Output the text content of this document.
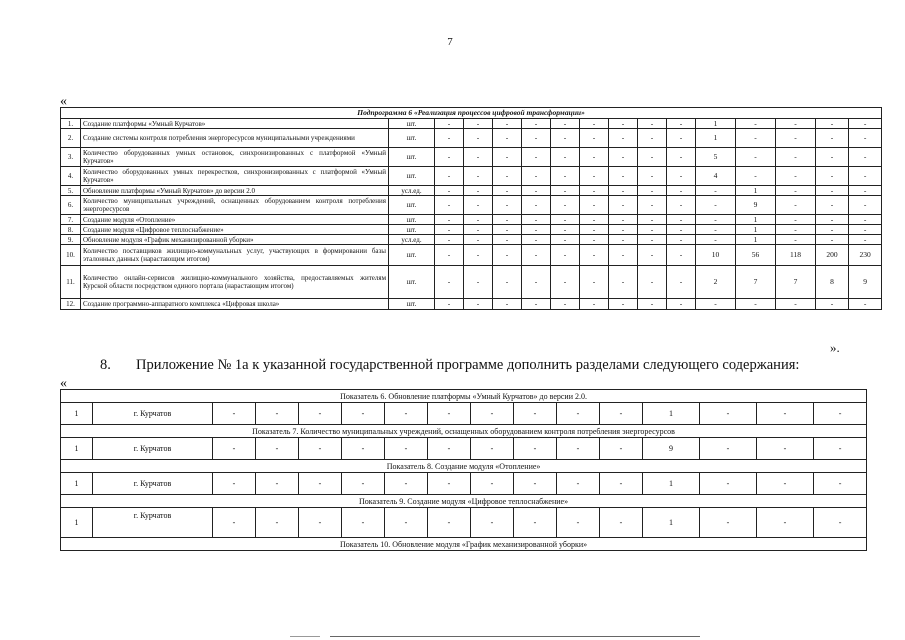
7
«
Подпрограмма 6 «Реализация процессов цифровой трансформации»																
1.	Создание платформы «Умный Курчатов»	шт.	-	-	-	-	-	-	-	-	-	1	-	-	-	-
2.	Создание системы контроля потребления энергоресурсов муниципальными учреждениями	шт.	-	-	-	-	-	-	-	-	-	1	-	-	-	-
3.	Количество оборудованных умных остановок, синхронизированных с платформой «Умный Курчатов»	шт.	-	-	-	-	-	-	-	-	-	5	-	-	-	-
4.	Количество оборудованных умных перекрестков, синхронизированных с платформой «Умный Курчатов»	шт.	-	-	-	-	-	-	-	-	-	4	-	-	-	-
5.	Обновление платформы «Умный Курчатов» до версии 2.0	усл.ед.	-	-	-	-	-	-	-	-	-	-	1	-	-	-
6.	Количество муниципальных учреждений, оснащенных оборудованием контроля потребления энергоресурсов	шт.	-	-	-	-	-	-	-	-	-	-	9	-	-	-
7.	Создание модуля «Отопление»	шт.	-	-	-	-	-	-	-	-	-	-	1	-	-	-
8.	Создание модуля «Цифровое теплоснабжение»	шт.	-	-	-	-	-	-	-	-	-	-	1	-	-	-
9.	Обновление модуля «График механизированной уборки»	усл.ед.	-	-	-	-	-	-	-	-	-	-	1	-	-	-
10.	Количество поставщиков жилищно-коммунальных услуг, участвующих в формировании базы эталонных данных (нарастающим итогом)	шт.	-	-	-	-	-	-	-	-	-	10	56	118	200	230
11.	Количество онлайн-сервисов жилищно-коммунального хозяйства, предоставляемых жителям Курской области посредством единого портала (нарастающим итогом)	шт.	-	-	-	-	-	-	-	-	-	2	7	7	8	9
12.	Создание программно-аппаратного комплекса «Цифровая школа»	шт.	-	-	-	-	-	-	-	-	-	-	-	-	-	-
».
8. Приложение № 1а к указанной государственной программе дополнить разделами следующего содержания:
«
Показатель 6. Обновление платформы «Умный Курчатов» до версии 2.0.															
1	г. Курчатов	-	-	-	-	-	-	-	-	-	-	1	-	-	-
Показатель 7. Количество муниципальных учреждений, оснащенных оборудованием контроля потребления энергоресурсов															
1	г. Курчатов	-	-	-	-	-	-	-	-	-	-	9	-	-	-
Показатель 8. Создание модуля «Отопление»															
1	г. Курчатов	-	-	-	-	-	-	-	-	-	-	1	-	-	-
Показатель 9. Создание модуля «Цифровое теплоснабжение»															
1	г. Курчатов	-	-	-	-	-	-	-	-	-	-	1	-	-	-
Показатель 10. Обновление модуля «График механизированной уборки»															
